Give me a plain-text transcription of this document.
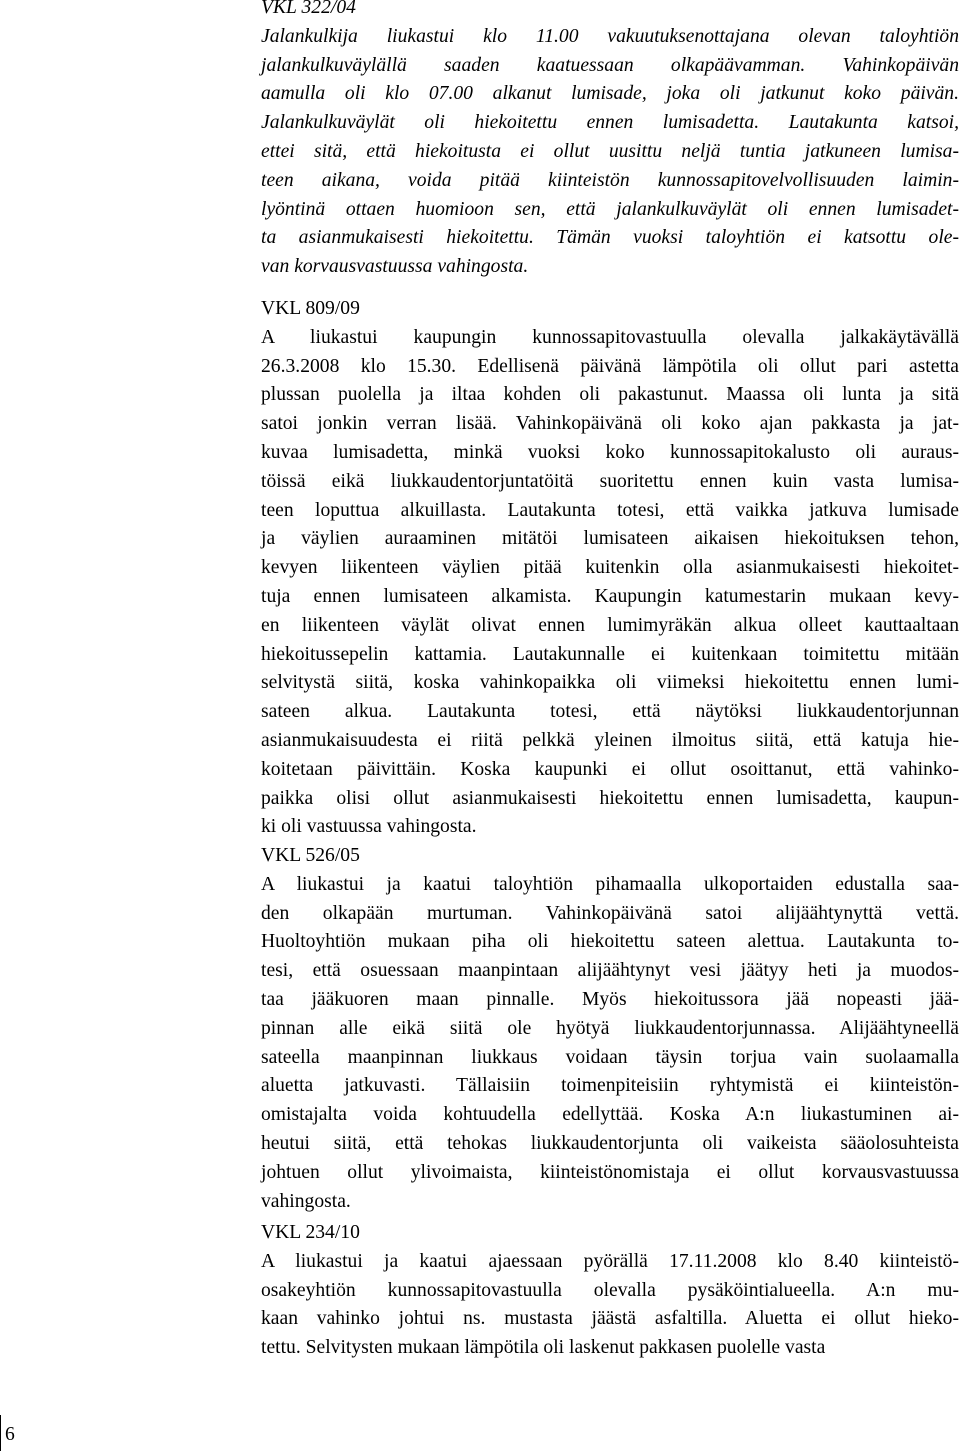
VKL 322/04
Jalankulkija liukastui klo 11.00 vakuutuksenottajana olevan taloyhtiön
jalankulkuväylällä saaden kaatuessaan olkapäävamman. Vahinkopäivän
aamulla oli klo 07.00 alkanut lumisade, joka oli jatkunut koko päivän.
Jalankulkuväylät oli hiekoitettu ennen lumisadetta. Lautakunta katsoi,
ettei sitä, että hiekoitusta ei ollut uusittu neljä tuntia jatkuneen lumisa-
teen aikana, voida pitää kiinteistön kunnossapitovelvollisuuden laimin-
lyöntinä ottaen huomioon sen, että jalankulkuväylät oli ennen lumisadet-
ta asianmukaisesti hiekoitettu. Tämän vuoksi taloyhtiön ei katsottu ole-
van korvausvastuussa vahingosta.
VKL 809/09
A liukastui kaupungin kunnossapitovastuulla olevalla jalkakäytävällä
26.3.2008 klo 15.30. Edellisenä päivänä lämpötila oli ollut pari astetta
plussan puolella ja iltaa kohden oli pakastunut. Maassa oli lunta ja sitä
satoi jonkin verran lisää. Vahinkopäivänä oli koko ajan pakkasta ja jat-
kuvaa lumisadetta, minkä vuoksi koko kunnossapitokalusto oli auraus-
töissä eikä liukkaudentorjuntatöitä suoritettu ennen kuin vasta lumisa-
teen loputtua alkuillasta. Lautakunta totesi, että vaikka jatkuva lumisade
ja väylien auraaminen mitätöi lumisateen aikaisen hiekoituksen tehon,
kevyen liikenteen väylien pitää kuitenkin olla asianmukaisesti hiekoitet-
tuja ennen lumisateen alkamista. Kaupungin katumestarin mukaan kevy-
en liikenteen väylät olivat ennen lumimyräkän alkua olleet kauttaaltaan
hiekoitussepelin kattamia. Lautakunnalle ei kuitenkaan toimitettu mitään
selvitystä siitä, koska vahinkopaikka oli viimeksi hiekoitettu ennen lumi-
sateen alkua. Lautakunta totesi, että näytöksi liukkaudentorjunnan
asianmukaisuudesta ei riitä pelkkä yleinen ilmoitus siitä, että katuja hie-
koitetaan päivittäin. Koska kaupunki ei ollut osoittanut, että vahinko-
paikka olisi ollut asianmukaisesti hiekoitettu ennen lumisadetta, kaupun-
ki oli vastuussa vahingosta.
VKL 526/05
A liukastui ja kaatui taloyhtiön pihamaalla ulkoportaiden edustalla saa-
den olkapään murtuman. Vahinkopäivänä satoi alijäähtynyttä vettä.
Huoltoyhtiön mukaan piha oli hiekoitettu sateen alettua. Lautakunta to-
tesi, että osuessaan maanpintaan alijäähtynyt vesi jäätyy heti ja muodos-
taa jääkuoren maan pinnalle. Myös hiekoitussora jää nopeasti jää-
pinnan alle eikä siitä ole hyötyä liukkaudentorjunnassa. Alijäähtyneellä
sateella maanpinnan liukkaus voidaan täysin torjua vain suolaamalla
aluetta jatkuvasti. Tällaisiin toimenpiteisiin ryhtymistä ei kiinteistön-
omistajalta voida kohtuudella edellyttää. Koska A:n liukastuminen ai-
heutui siitä, että tehokas liukkaudentorjunta oli vaikeista sääolosuhteista
johtuen ollut ylivoimaista, kiinteistönomistaja ei ollut korvausvastuussa
vahingosta.
VKL 234/10
A liukastui ja kaatui ajaessaan pyörällä 17.11.2008 klo 8.40 kiinteistö-
osakeyhtiön kunnossapitovastuulla olevalla pysäköintialueella. A:n mu-
kaan vahinko johtui ns. mustasta jäästä asfaltilla. Aluetta ei ollut hieko-
tettu. Selvitysten mukaan lämpötila oli laskenut pakkasen puolelle vasta
6
